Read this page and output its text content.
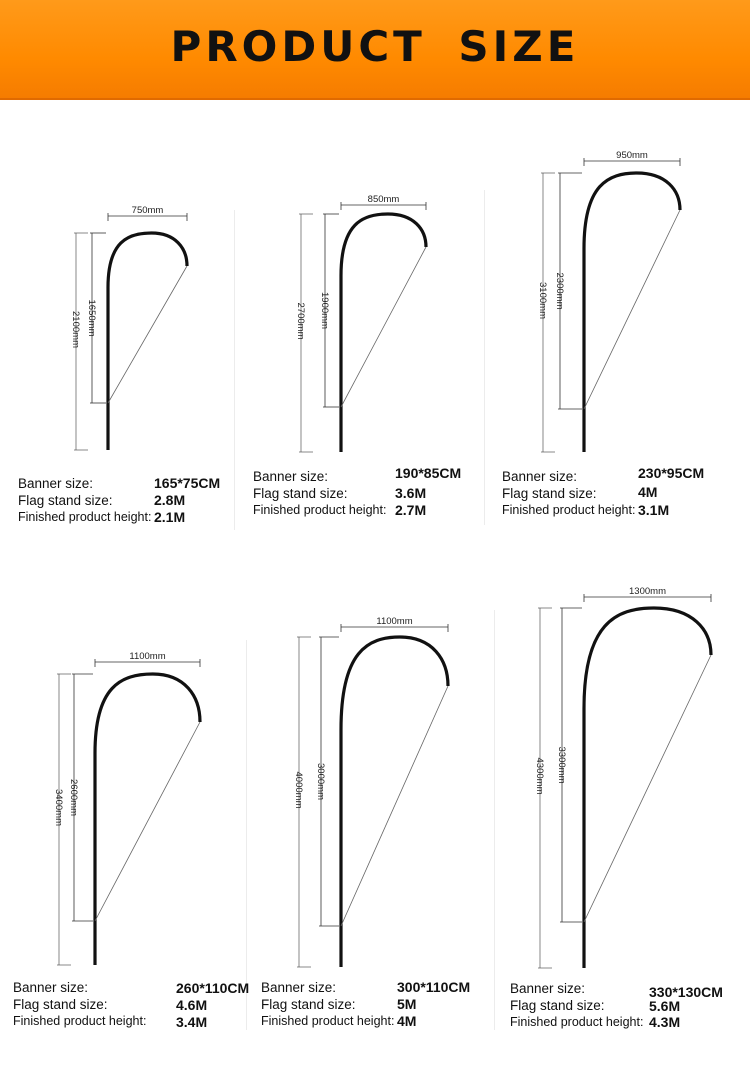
PRODUCT SIZE
750mm
1650mm
2100mm
850mm
1900mm
2700mm
950mm
2300mm
3100mm
1100mm
2600mm
3400mm
1100mm
3000mm
4000mm
1300mm
3300mm
4300mm
Banner size:	165*75CM
Flag stand size:	2.8M
Finished product height: 2.1M
Banner size:	190*85CM
Flag stand size:	3.6M
Finished product height: 2.7M
Banner size:	230*95CM
Flag stand size:	4M
Finished product height: 3.1M
Banner size:	260*110CM
Flag stand size:	4.6M
Finished product height: 3.4M
Banner size:	300*110CM
Flag stand size:	5M
Finished product height: 4M
Banner size:	330*130CM
Flag stand size:	5.6M
Finished product height: 4.3M
